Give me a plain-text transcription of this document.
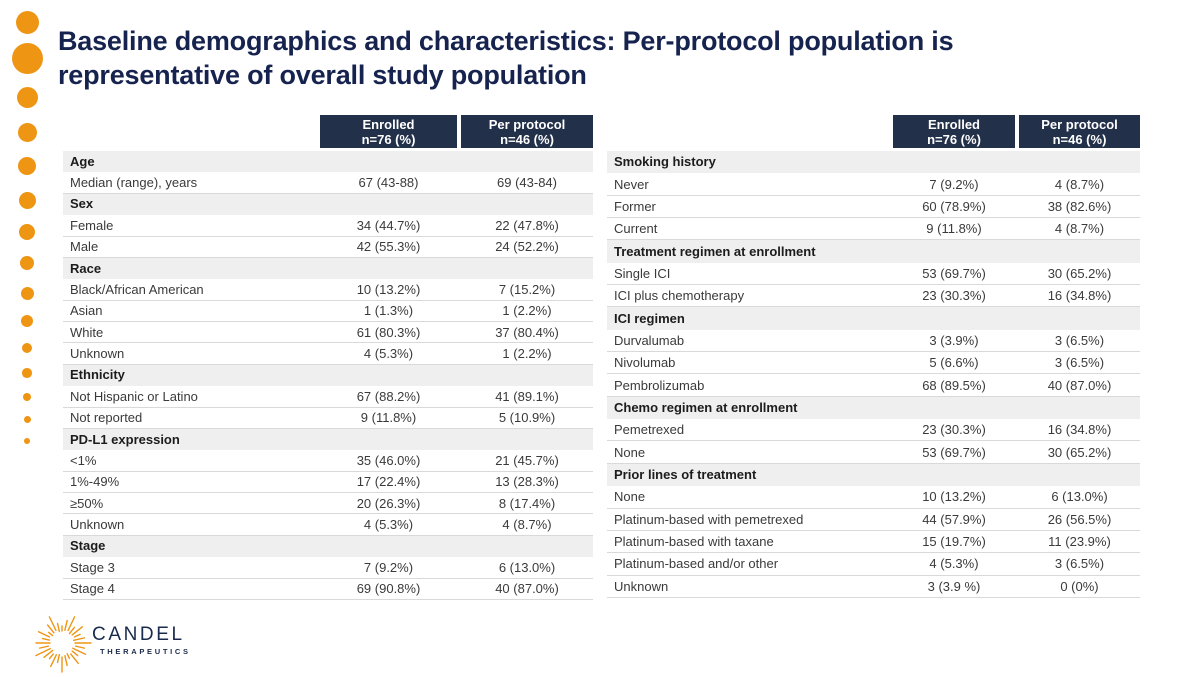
Baseline demographics and characteristics: Per-protocol population is
representative of overall study population
Enrolled
n=76 (%)
Per protocol
n=46 (%)
Age
Median (range), years	67 (43-88)	69 (43-84)
Sex
Female	34 (44.7%)	22 (47.8%)
Male	42 (55.3%)	24 (52.2%)
Race
Black/African American	10 (13.2%)	7 (15.2%)
Asian	1 (1.3%)	1 (2.2%)
White	61 (80.3%)	37 (80.4%)
Unknown	4 (5.3%)	1 (2.2%)
Ethnicity
Not Hispanic or Latino	67 (88.2%)	41 (89.1%)
Not reported	9 (11.8%)	5 (10.9%)
PD-L1 expression
<1%	35 (46.0%)	21 (45.7%)
1%-49%	17 (22.4%)	13 (28.3%)
≥50%	20 (26.3%)	8 (17.4%)
Unknown	4 (5.3%)	4 (8.7%)
Stage
Stage 3	7 (9.2%)	6 (13.0%)
Stage 4	69 (90.8%)	40 (87.0%)
Enrolled
n=76 (%)
Per protocol
n=46 (%)
Smoking history
Never	7 (9.2%)	4 (8.7%)
Former	60 (78.9%)	38 (82.6%)
Current	9 (11.8%)	4 (8.7%)
Treatment regimen at enrollment
Single ICI	53 (69.7%)	30 (65.2%)
ICI plus chemotherapy	23 (30.3%)	16 (34.8%)
ICI regimen
Durvalumab	3 (3.9%)	3 (6.5%)
Nivolumab	5 (6.6%)	3 (6.5%)
Pembrolizumab	68 (89.5%)	40 (87.0%)
Chemo regimen at enrollment
Pemetrexed	23 (30.3%)	16 (34.8%)
None	53 (69.7%)	30 (65.2%)
Prior lines of treatment
None	10 (13.2%)	6 (13.0%)
Platinum-based with pemetrexed	44 (57.9%)	26 (56.5%)
Platinum-based with taxane	15 (19.7%)	11 (23.9%)
Platinum-based and/or other	4 (5.3%)	3 (6.5%)
Unknown	3 (3.9 %)	0 (0%)

CANDEL

THERAPEUTICS
